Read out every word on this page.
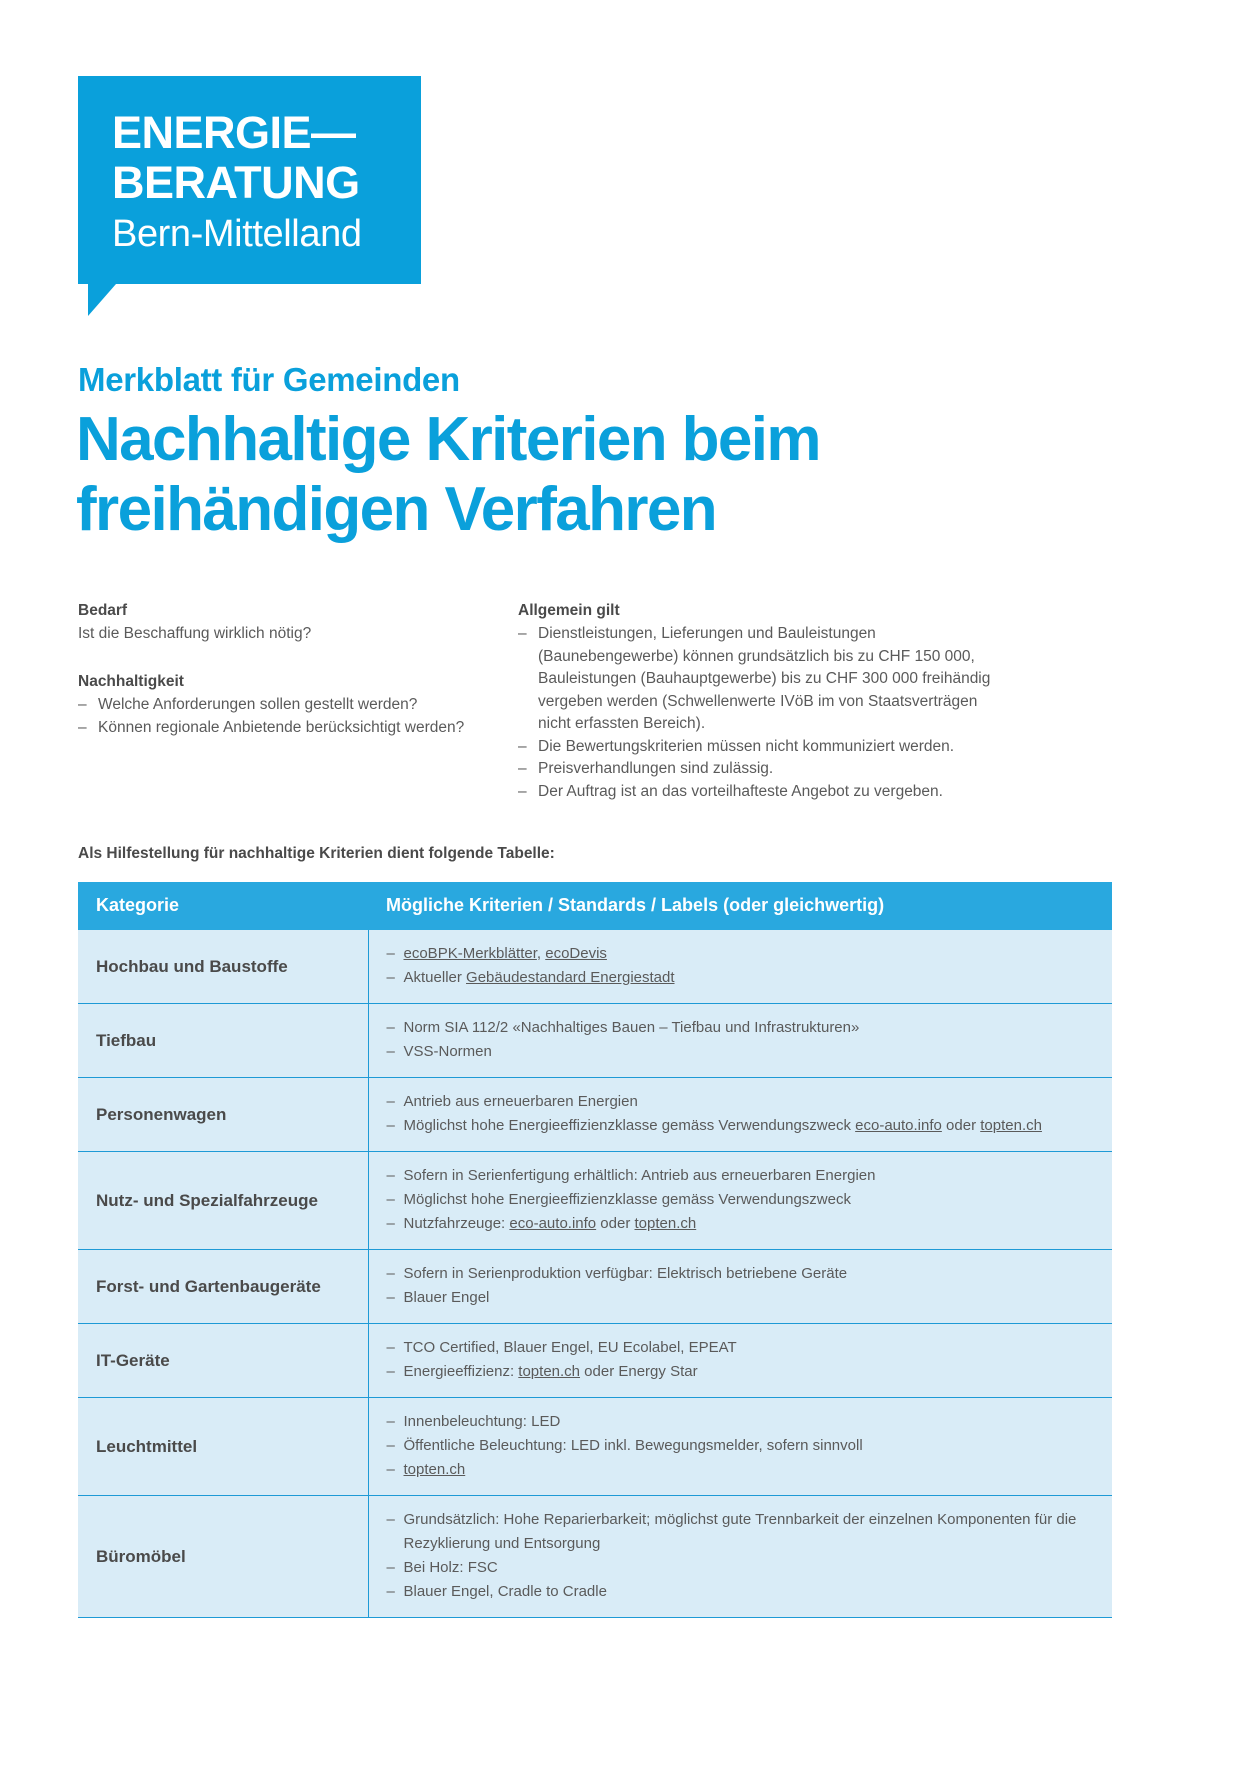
ENERGIE—
BERATUNG
Bern-Mittelland
Merkblatt für Gemeinden
Nachhaltige Kriterien beim
freihändigen Verfahren
Bedarf
Ist die Beschaffung wirklich nötig?
Nachhaltigkeit
– Welche Anforderungen sollen gestellt werden?
– Können regionale Anbietende berücksichtigt werden?
Allgemein gilt
– Dienstleistungen, Lieferungen und Bauleistungen (Baunebengewerbe) können grundsätzlich bis zu CHF 150 000, Bauleistungen (Bauhauptgewerbe) bis zu CHF 300 000 freihändig vergeben werden (Schwellenwerte IVöB im von Staatsverträgen nicht erfassten Bereich).
– Die Bewertungskriterien müssen nicht kommuniziert werden.
– Preisverhandlungen sind zulässig.
– Der Auftrag ist an das vorteilhafteste Angebot zu vergeben.
Als Hilfestellung für nachhaltige Kriterien dient folgende Tabelle:
Kategorie	Mögliche Kriterien / Standards / Labels (oder gleichwertig)
Hochbau und Baustoffe	
– ecoBPK-Merkblätter, ecoDevis
– Aktueller Gebäudestandard Energiestadt

Tiefbau	
– Norm SIA 112/2 «Nachhaltiges Bauen – Tiefbau und Infrastrukturen»
– VSS-Normen

Personenwagen	
– Antrieb aus erneuerbaren Energien
– Möglichst hohe Energieeffizienzklasse gemäss Verwendungszweck eco-auto.info oder topten.ch

Nutz- und Spezialfahrzeuge	
– Sofern in Serienfertigung erhältlich: Antrieb aus erneuerbaren Energien
– Möglichst hohe Energieeffizienzklasse gemäss Verwendungszweck
– Nutzfahrzeuge: eco-auto.info oder topten.ch

Forst- und Gartenbaugeräte	
– Sofern in Serienproduktion verfügbar: Elektrisch betriebene Geräte
– Blauer Engel

IT-Geräte	
– TCO Certified, Blauer Engel, EU Ecolabel, EPEAT
– Energieeffizienz: topten.ch oder Energy Star

Leuchtmittel	
– Innenbeleuchtung: LED
– Öffentliche Beleuchtung: LED inkl. Bewegungsmelder, sofern sinnvoll
– topten.ch

Büromöbel	
– Grundsätzlich: Hohe Reparierbarkeit; möglichst gute Trennbarkeit der einzelnen Komponenten für die Rezyklierung und Entsorgung
– Bei Holz: FSC
– Blauer Engel, Cradle to Cradle
